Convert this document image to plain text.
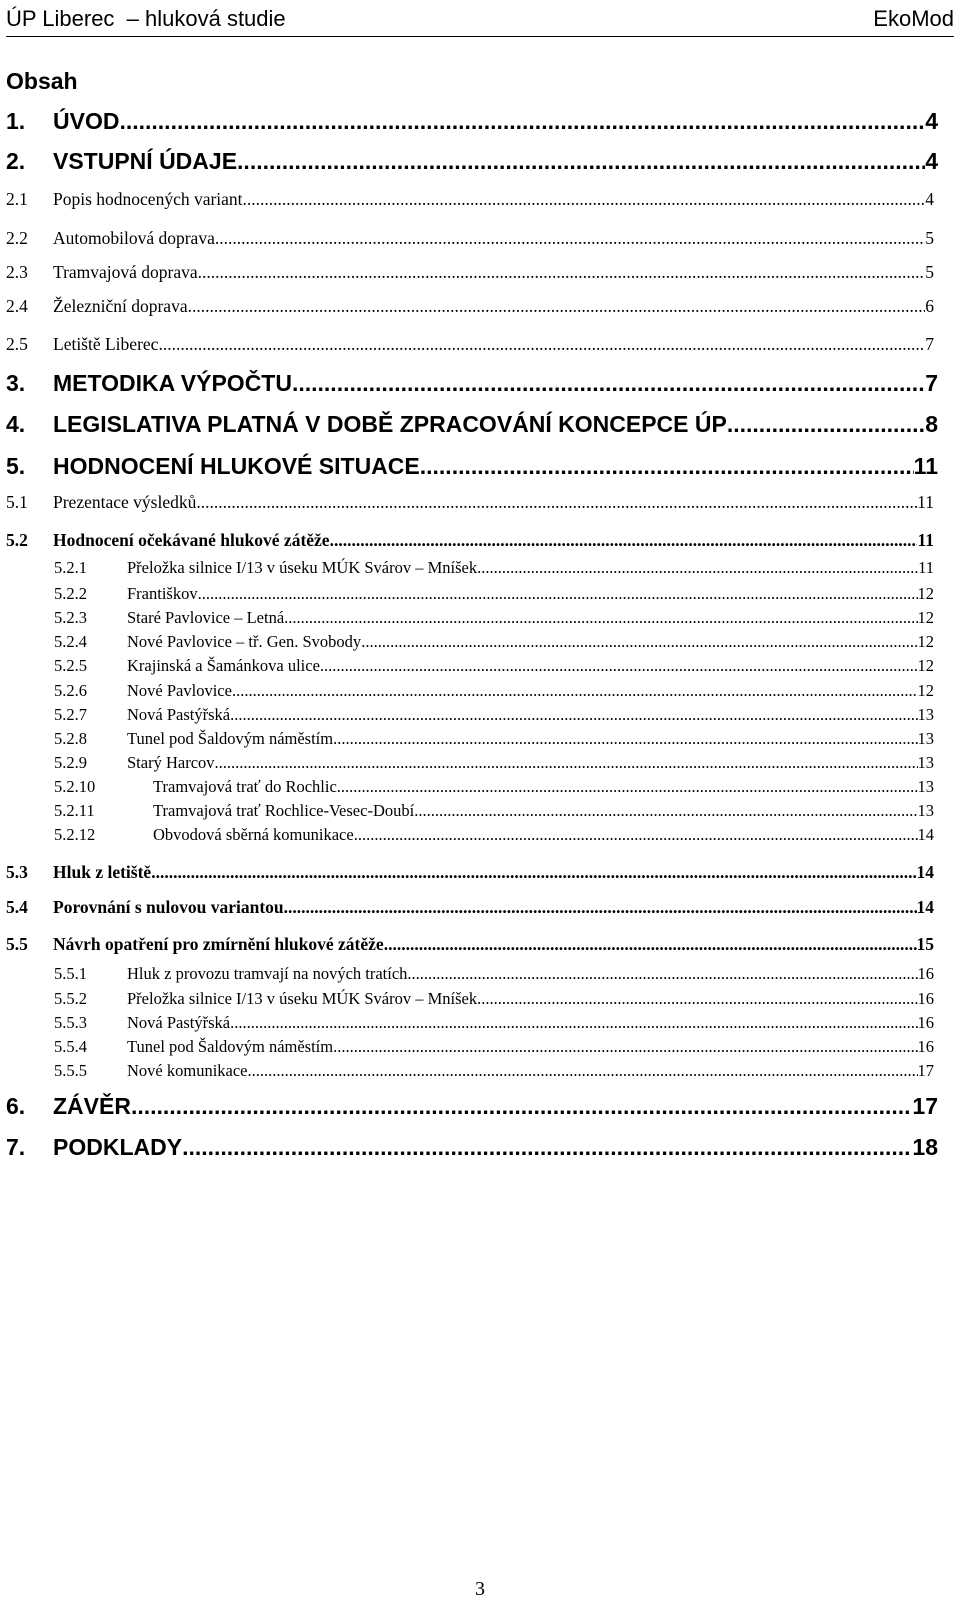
ÚP Liberec  – hluková studie	EkoMod
Obsah
1.	ÚVOD .....	4
2.	VSTUPNÍ ÚDAJE .....	4
2.1	Popis hodnocených variant .....	4
2.2	Automobilová doprava .....	5
2.3	Tramvajová doprava .....	5
2.4	Železniční doprava .....	6
2.5	Letiště Liberec .....	7
3.	METODIKA VÝPOČTU .....	7
4.	LEGISLATIVA PLATNÁ V DOBĚ ZPRACOVÁNÍ KONCEPCE ÚP .....	8
5.	HODNOCENÍ HLUKOVÉ SITUACE .....	11
5.1	Prezentace výsledků .....	11
5.2	Hodnocení očekávané hlukové zátěže .....	11
5.2.1	Přeložka silnice I/13 v úseku MÚK Svárov – Mníšek .....	11
5.2.2	Františkov .....	12
5.2.3	Staré Pavlovice – Letná .....	12
5.2.4	Nové Pavlovice – tř. Gen. Svobody .....	12
5.2.5	Krajinská a Šamánkova ulice .....	12
5.2.6	Nové Pavlovice .....	12
5.2.7	Nová Pastýřská .....	13
5.2.8	Tunel pod Šaldovým náměstím .....	13
5.2.9	Starý Harcov .....	13
5.2.10	Tramvajová trať do Rochlic .....	13
5.2.11	Tramvajová trať Rochlice-Vesec-Doubí .....	13
5.2.12	Obvodová sběrná komunikace .....	14
5.3	Hluk z letiště .....	14
5.4	Porovnání s nulovou variantou .....	14
5.5	Návrh opatření pro zmírnění hlukové zátěže .....	15
5.5.1	Hluk z provozu tramvají na nových tratích .....	16
5.5.2	Přeložka silnice I/13 v úseku MÚK Svárov – Mníšek .....	16
5.5.3	Nová Pastýřská .....	16
5.5.4	Tunel pod Šaldovým náměstím .....	16
5.5.5	Nové komunikace .....	17
6.	ZÁVĚR .....	17
7.	PODKLADY .....	18
3
